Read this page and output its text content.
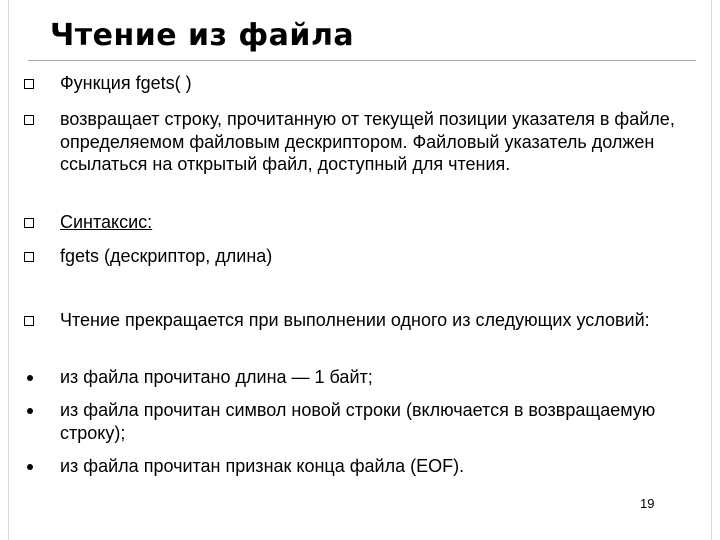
Чтение из файла

Функция fgets( )

возвращает строку, прочитанную от текущей позиции указателя в файле, определяемом файловым дескриптором. Файловый указатель должен ссылаться на открытый файл, доступный для чтения.

Синтаксис:

fgets (дескриптор, длина)

Чтение прекращается при выполнении одного из следующих условий:

из файла прочитано длина — 1 байт;

из файла прочитан символ новой строки (включается в возвращаемую строку);

из файла прочитан признак конца файла (EOF).

19
